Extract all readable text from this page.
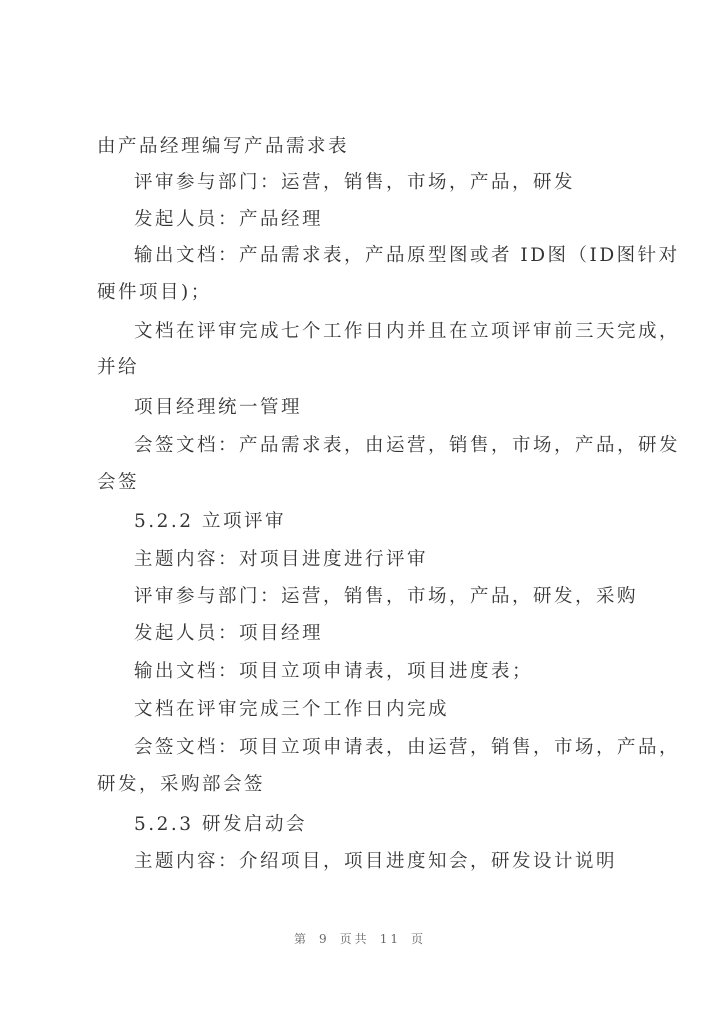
由产品经理编写产品需求表
评审参与部门：运营，销售，市场，产品，研发
发起人员：产品经理
输出文档：产品需求表，产品原型图或者 ID图（ID图针对
硬件项目)；
文档在评审完成七个工作日内并且在立项评审前三天完成，
并给
项目经理统一管理
会签文档：产品需求表，由运营，销售，市场，产品，研发
会签
5.2.2 立项评审
主题内容：对项目进度进行评审
评审参与部门：运营，销售，市场，产品，研发，采购
发起人员：项目经理
输出文档：项目立项申请表，项目进度表；
文档在评审完成三个工作日内完成
会签文档：项目立项申请表，由运营，销售，市场，产品，
研发，采购部会签
5.2.3 研发启动会
主题内容：介绍项目，项目进度知会，研发设计说明
第 9 页共 11 页
